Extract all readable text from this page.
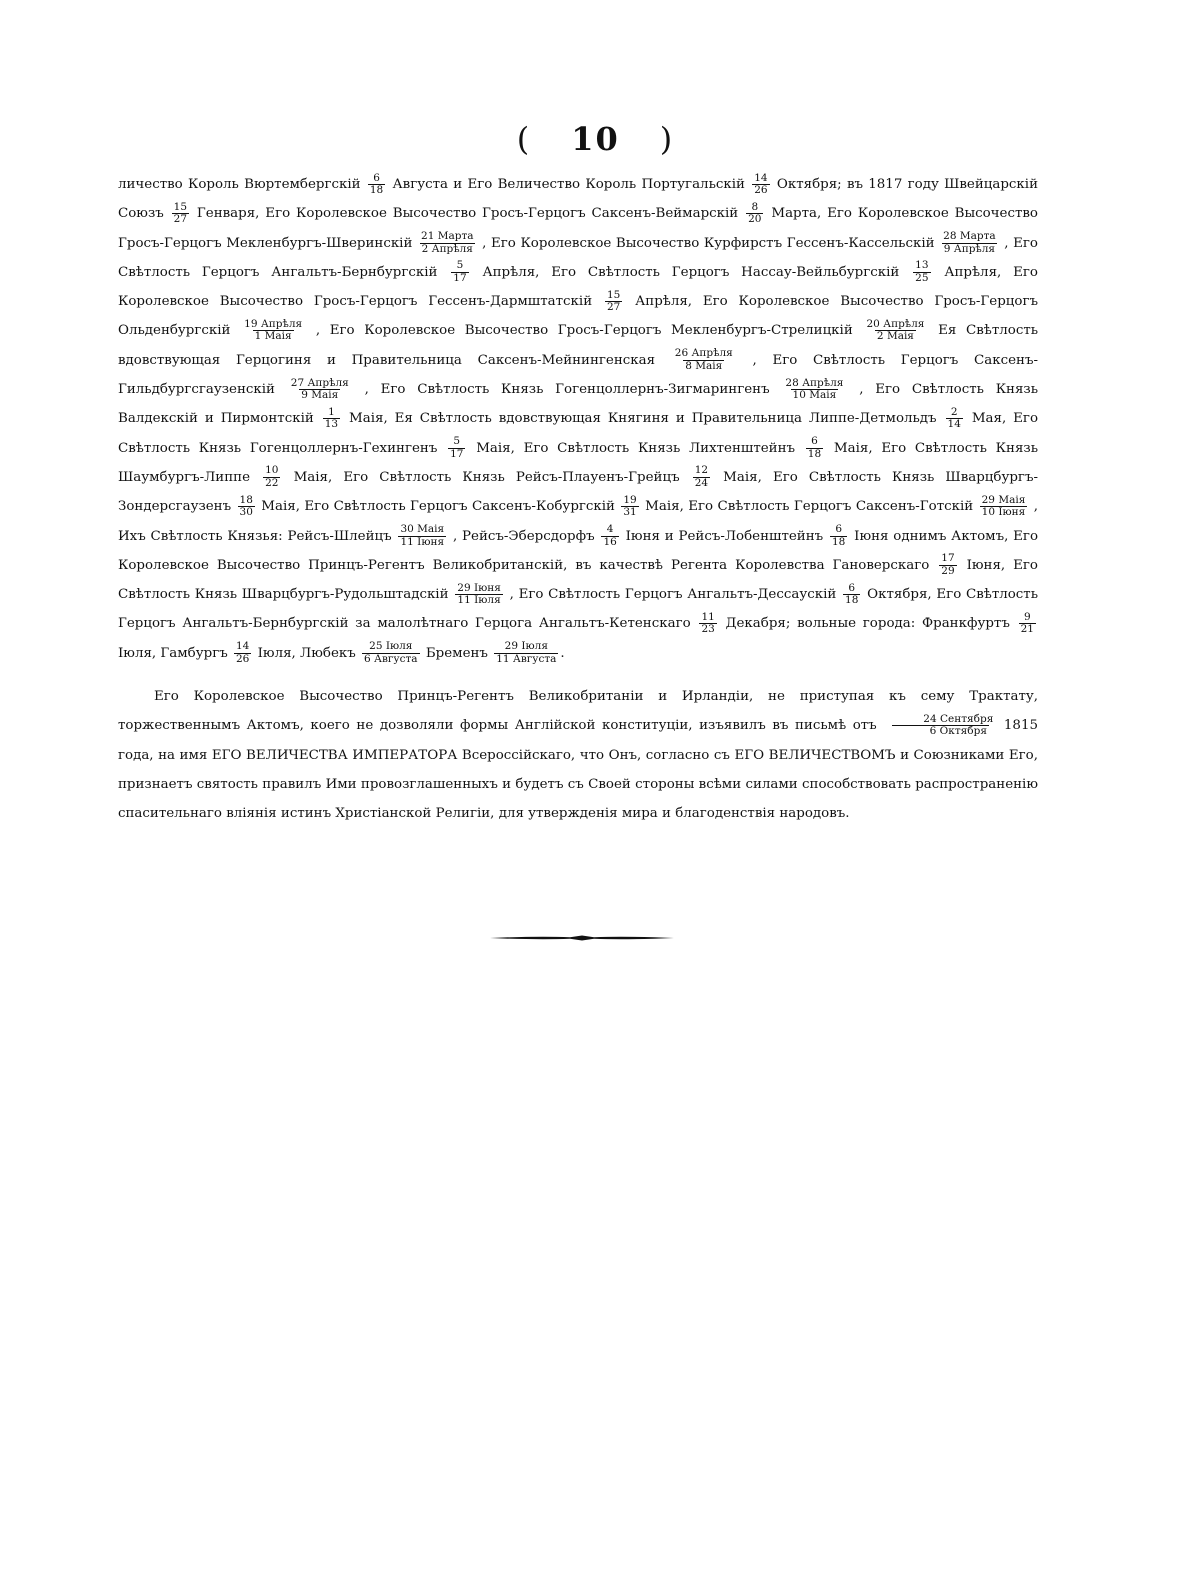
( 10 )
личество Король Вюртембергскій $\frac{6}{18}$ Августа и Его Величество Король Португальскій $\frac{14}{26}$ Октября; въ 1817 году Швейцарскій Союзъ $\frac{15}{27}$ Генваря, Его Королевское Высочество Гросъ-Герцогъ Саксенъ-Веймарскій $\frac{8}{20}$ Марта, Его Королевское Высочество Гросъ-Герцогъ Мекленбургъ-Шверинскій $\frac{\text{21 Марта}}{\text{2 Апрѣля}}$ , Его Королевское Высочество Курфирстъ Гессенъ-Кассельскій $\frac{\text{28 Марта}}{\text{9 Апрѣля}}$ , Его Свѣтлость Герцогъ Ангальтъ-Бернбургскій $\frac{5}{17}$ Апрѣля, Его Свѣтлость Герцогъ Нассау-Вейльбургскій $\frac{13}{25}$ Апрѣля, Его Королевское Высочество Гросъ-Герцогъ Гессенъ-Дармштатскій $\frac{15}{27}$ Апрѣля, Его Королевское Высочество Гросъ-Герцогъ Ольденбургскій $\frac{\text{19 Апрѣля}}{\text{1 Маія}}$ , Его Королевское Высочество Гросъ-Герцогъ Мекленбургъ-Стрелицкій $\frac{\text{20 Апрѣля}}{\text{2 Маія}}$ Ея Свѣтлость вдовствующая Герцогиня и Правительница Саксенъ-Мейнингенская $\frac{\text{26 Апрѣля}}{\text{8 Маія}}$ , Его Свѣтлость Герцогъ Саксенъ-Гильдбургсгаузенскій $\frac{\text{27 Апрѣля}}{\text{9 Маія}}$ , Его Свѣтлость Князь Гогенцоллернъ-Зигмарингенъ $\frac{\text{28 Апрѣля}}{\text{10 Маія}}$ , Его Свѣтлость Князь Валдекскій и Пирмонтскій $\frac{1}{13}$ Маія, Ея Свѣтлость вдовствующая Княгиня и Правительница Липпе-Детмольдъ $\frac{2}{14}$ Мая, Его Свѣтлость Князь Гогенцоллернъ-Гехингенъ $\frac{5}{17}$ Маія, Его Свѣтлость Князь Лихтенштейнъ $\frac{6}{18}$ Маія, Его Свѣтлость Князь Шаумбургъ-Липпе $\frac{10}{22}$ Маія, Его Свѣтлость Князь Рейсъ-Плауенъ-Грейцъ $\frac{12}{24}$ Маія, Его Свѣтлость Князь Шварцбургъ-Зондерсгаузенъ $\frac{18}{30}$ Маія, Его Свѣтлость Герцогъ Саксенъ-Кобургскій $\frac{19}{31}$ Маія, Его Свѣтлость Герцогъ Саксенъ-Готскій $\frac{\text{29 Маія}}{\text{10 Іюня}}$ , Ихъ Свѣтлость Князья: Рейсъ-Шлейцъ $\frac{\text{30 Маія}}{\text{11 Іюня}}$ , Рейсъ-Эберсдорфъ $\frac{4}{16}$ Іюня и Рейсъ-Лобенштейнъ $\frac{6}{18}$ Іюня однимъ Актомъ, Его Королевское Высочество Принцъ-Регентъ Великобританскій, въ качествѣ Регента Королевства Гановерскаго $\frac{17}{29}$ Іюня, Его Свѣтлость Князь Шварцбургъ-Рудольштадскій $\frac{\text{29 Іюня}}{\text{11 Іюля}}$ , Его Свѣтлость Герцогъ Ангальтъ-Дессаускій $\frac{6}{18}$ Октября, Его Свѣтлость Герцогъ Ангальтъ-Бернбургскій за малолѣтнаго Герцога Ангальтъ-Кетенскаго $\frac{11}{23}$ Декабря; вольные города: Франкфуртъ $\frac{9}{21}$
Іюля, Гамбургъ $\frac{14}{26}$ Іюля, Любекъ $\frac{\text{25 Іюля}}{\text{6 Августа}}$ Бременъ $\frac{\text{29 Іюля}}{\text{11 Августа}}$ .
Его Королевское Высочество Принцъ-Регентъ Великобританіи и Ирландіи, не приступая къ сему Трактату, торжественнымъ Актомъ, коего не дозволяли формы Англійской конституціи, изъявилъ въ письмѣ отъ $\frac{\text{24 Сентября}}{\text{6 Октября}} 1815$ года, на имя ЕГО ВЕЛИЧЕСТВА ИМПЕРАТОРА Всероссійскаго, что Онъ, согласно съ ЕГО ВЕЛИЧЕСТВОМЪ и Союзниками Его, признаетъ святость правилъ Ими провозглашенныхъ и будетъ съ Своей стороны всѣми силами способствовать распространенію спасительнаго вліянія истинъ Христіанской Религіи, для утвержденія мира и благоденствія народовъ.
